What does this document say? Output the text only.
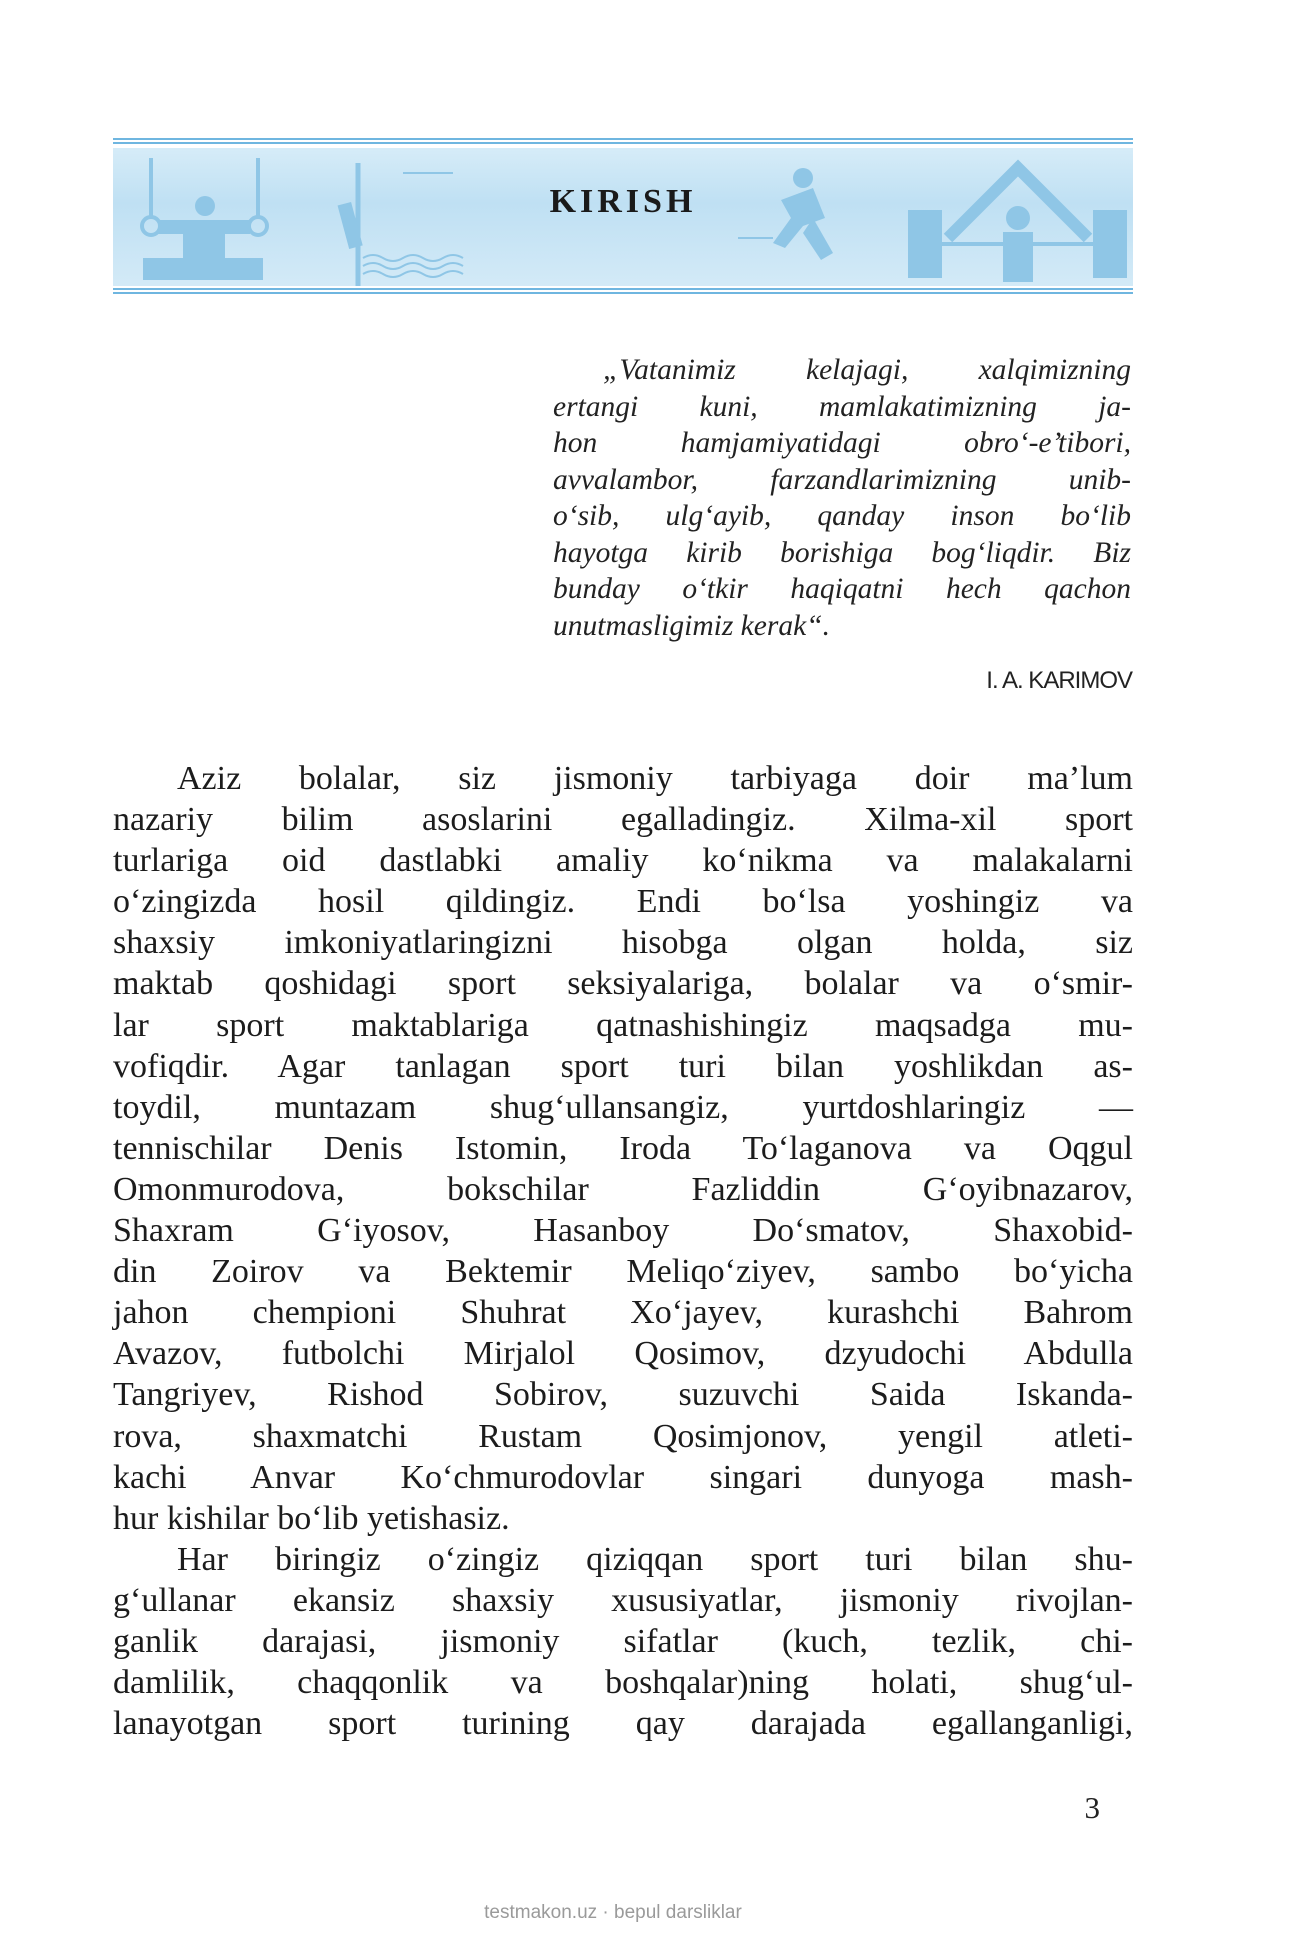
KIRISH
„Vatanimiz kelajagi, xalqimizning
ertangi kuni, mamlakatimizning ja-
hon hamjamiyatidagi obro‘-e’tibori,
avvalambor, farzandlarimizning unib-
o‘sib, ulg‘ayib, qanday inson bo‘lib
hayotga kirib borishiga bog‘liqdir. Biz
bunday o‘tkir haqiqatni hech qachon
unutmasligimiz kerak“.
I. A. KARIMOV
Aziz bolalar, siz jismoniy tarbiyaga doir ma’lum
nazariy bilim asoslarini egalladingiz. Xilma-xil sport
turlariga oid dastlabki amaliy ko‘nikma va malakalarni
o‘zingizda hosil qildingiz. Endi bo‘lsa yoshingiz va
shaxsiy imkoniyatlaringizni hisobga olgan holda, siz
maktab qoshidagi sport seksiyalariga, bolalar va o‘smir-
lar sport maktablariga qatnashishingiz maqsadga mu-
vofiqdir. Agar tanlagan sport turi bilan yoshlikdan as-
toydil, muntazam shug‘ullansangiz, yurtdoshlaringiz —
tennischilar Denis Istomin, Iroda To‘laganova va Oqgul
Omonmurodova, bokschilar Fazliddin G‘oyibnazarov,
Shaxram G‘iyosov, Hasanboy Do‘smatov, Shaxobid-
din Zoirov va Bektemir Meliqo‘ziyev, sambo bo‘yicha
jahon chempioni Shuhrat Xo‘jayev, kurashchi Bahrom
Avazov, futbolchi Mirjalol Qosimov, dzyudochi Abdulla
Tangriyev, Rishod Sobirov, suzuvchi Saida Iskanda-
rova, shaxmatchi Rustam Qosimjonov, yengil atleti-
kachi Anvar Ko‘chmurodovlar singari dunyoga mash-
hur kishilar bo‘lib yetishasiz.
Har biringiz o‘zingiz qiziqqan sport turi bilan shu-
g‘ullanar ekansiz shaxsiy xususiyatlar, jismoniy rivojlan-
ganlik darajasi, jismoniy sifatlar (kuch, tezlik, chi-
damlilik, chaqqonlik va boshqalar)ning holati, shug‘ul-
lanayotgan sport turining qay darajada egallanganligi,
3
testmakon.uz · bepul darsliklar
